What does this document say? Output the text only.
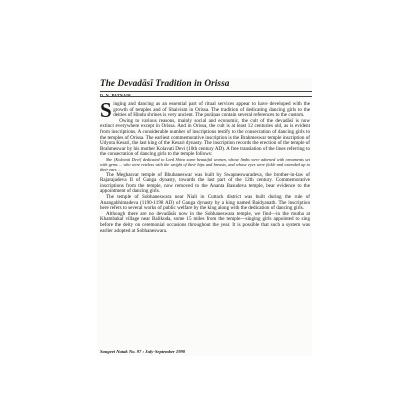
The Devadāsī Tradition in Orissa
D. N. PATNAIK

Singing and dancing as an essential part of ritual services appear to have developed with the growth of temples and of Shaivism in Orissa. The tradition of dedicating dancing girls to the deities of Hindu shrines is very ancient. The purāṇas contain several references to the custom.

Owing to various reasons, mainly social and economic, the cult of the devadāsī is now extinct everywhere except in Orissa. And in Orissa, the cult is at least 12 centuries old, as is evident from inscriptions. A considerable number of inscriptions testify to the consecration of dancing girls to the temples of Orissa. The earliest commemorative inscription is the Brahmeswar temple inscription of Udyota Kesari, the last king of the Kesari dynasty. The inscription records the erection of the temple of Brahmeswar by his mother Kolavati Devi (10th century AD). A free translation of the lines referring to the consecration of dancing girls to the temple follows:

She [Kolavati Devi] dedicated to Lord Shiva some beautiful women, whose limbs were adorned with ornaments set with gems ... who were restless with the weight of their hips and breasts, and whose eyes were fickle and extended up to their ears ...

The Meghasvar temple of Bhubaneswar was built by Swapneswaradeva, the brother-in-law of Rajarajadeva II of Ganga dynasty, towards the last part of the 12th century. Commemorative inscriptions from the temple, now removed to the Ananta Basudeva temple, bear evidence to the appointment of dancing girls.

The temple of Sobhaneswara near Niali in Cuttack district was built during the rule of Anangabhimadeva (1190-1198 AD) of Ganga dynasty by a king named Baidyanath. The inscription here refers to several works of public welfare by the king along with the dedication of dancing girls.

Although there are no devadāsīs now in the Sobhaneswara temple, we find—in the mutha at Khambakal village near Balikuda, some 15 miles from the temple—singing girls appointed to sing before the deity on ceremonial occasions throughout the year. It is possible that such a system was earlier adopted at Sobhaneswara.

Sangeet Natak No. 97 : July-September 1990
